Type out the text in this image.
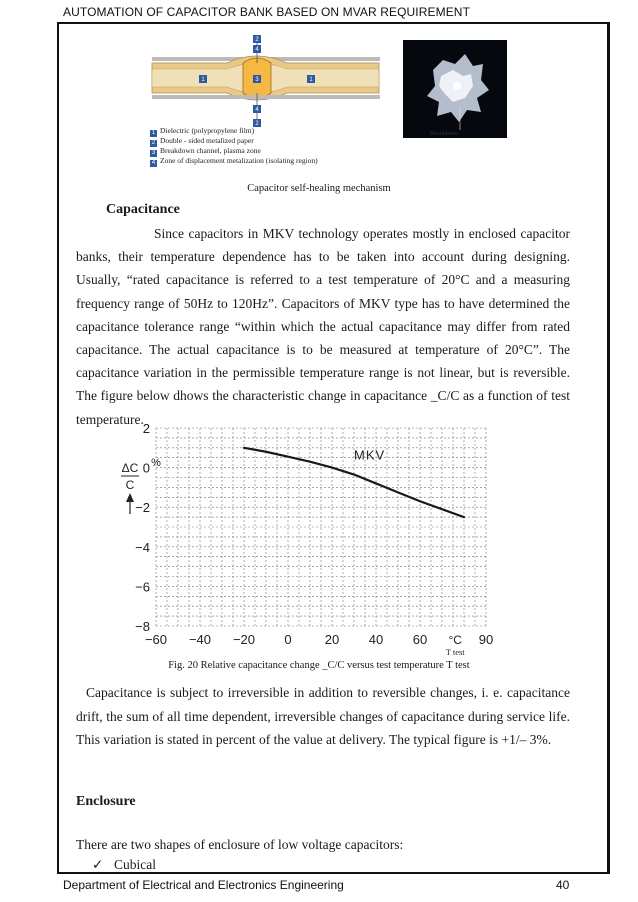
AUTOMATION OF CAPACITOR BANK BASED ON MVAR REQUIREMENT
2
4
1	3	1
4
2
1 Dielectric (polypropylene film)
2 Double - sided metalized paper
3 Breakdown channel, plasma zone
4 Zone of displacement metalization (isolating region)
Breakdown
Capacitor self-healing mechanism
Capacitance
Since capacitors in MKV technology operates mostly in enclosed capacitor banks, their temperature dependence has to be taken into account during designing. Usually, “rated capacitance is referred to a test temperature of 20°C and a measuring frequency range of 50Hz to 120Hz”. Capacitors of MKV type has to have determined the capacitance tolerance range “within which the actual capacitance may differ from rated capacitance. The actual capacitance is to be measured at temperature of 20°C”. The capacitance variation in the permissible temperature range is not linear, but is reversible. The figure below dhows the characteristic change in capacitance _C/C as a function of test temperature.
2
0
−2
−4
−6
−8
−60 −40 −20 0	20 40 60	90
°C
T test
%
ΔC
C
MKV
Fig. 20 Relative capacitance change _C/C versus test temperature T test
Capacitance is subject to irreversible in addition to reversible changes, i. e. capacitance drift, the sum of all time dependent, irreversible changes of capacitance during service life. This variation is stated in percent of the value at delivery. The typical figure is +1/– 3%.
Enclosure
There are two shapes of enclosure of low voltage capacitors:
✓ Cubical
Department of Electrical and Electronics Engineering	40
